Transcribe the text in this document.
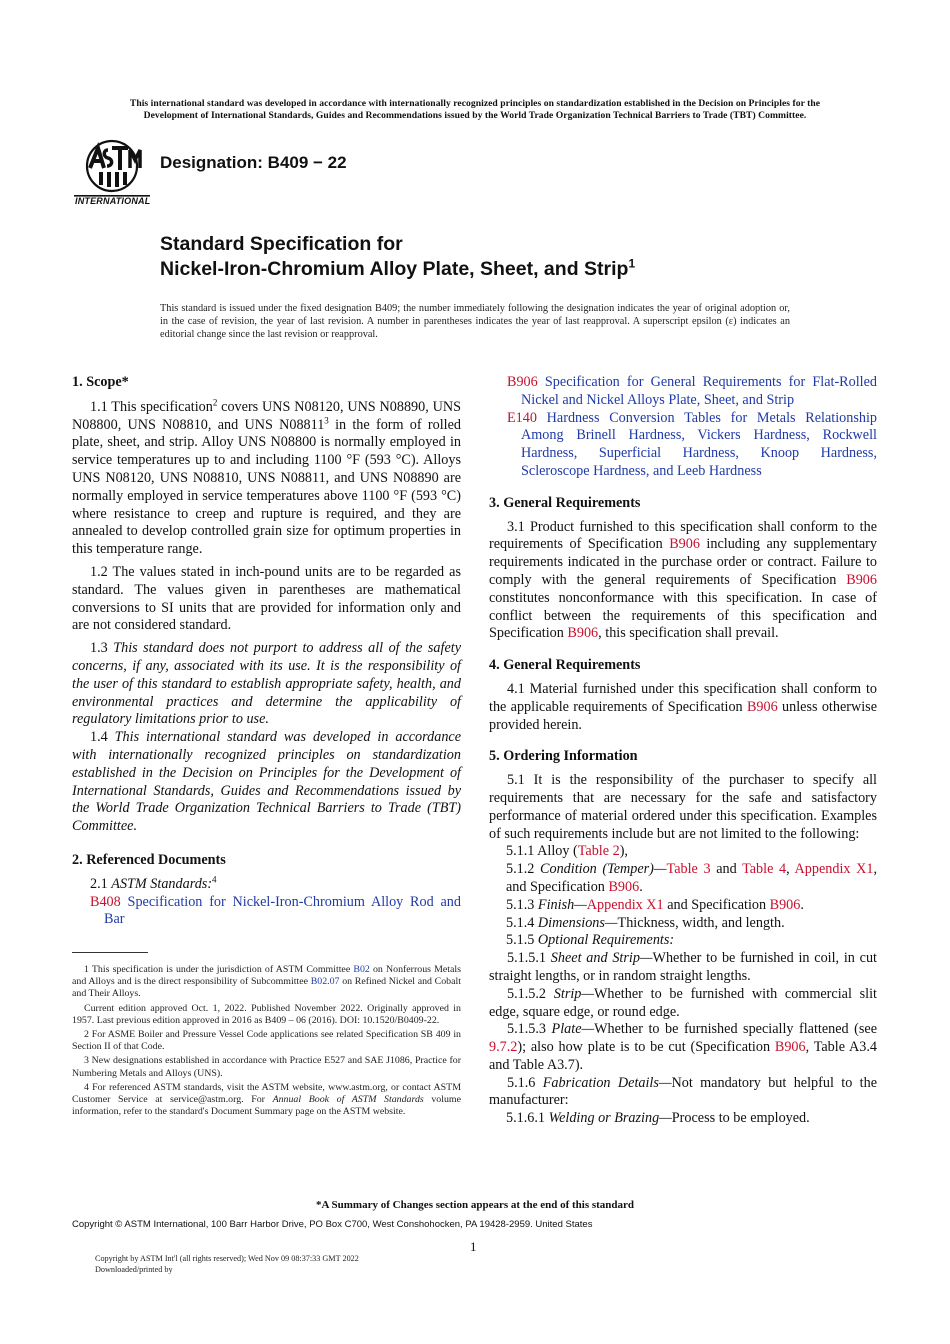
This international standard was developed in accordance with internationally recognized principles on standardization established in the Decision on Principles for the
Development of International Standards, Guides and Recommendations issued by the World Trade Organization Technical Barriers to Trade (TBT) Committee.
INTERNATIONAL
Designation: B409 − 22
Standard Specification for
Nickel-Iron-Chromium Alloy Plate, Sheet, and Strip$^1$
This standard is issued under the fixed designation B409; the number immediately following the designation indicates the year of original adoption or, in the case of revision, the year of last revision. A number in parentheses indicates the year of last reapproval. A superscript epsilon (ε) indicates an editorial change since the last revision or reapproval.

1. Scope*

1.1 This specification$^2$ covers UNS N08120, UNS N08890, UNS N08800, UNS N08810, and UNS N08811$^3$ in the form of rolled plate, sheet, and strip. Alloy UNS N08800 is normally employed in service temperatures up to and including 1100 °F (593 °C). Alloys UNS N08120, UNS N08810, UNS N08811, and UNS N08890 are normally employed in service temperatures above 1100 °F (593 °C) where resistance to creep and rupture is required, and they are annealed to develop controlled grain size for optimum properties in this temperature range.

1.2 The values stated in inch-pound units are to be regarded as standard. The values given in parentheses are mathematical conversions to SI units that are provided for information only and are not considered standard.

1.3 This standard does not purport to address all of the safety concerns, if any, associated with its use. It is the responsibility of the user of this standard to establish appropriate safety, health, and environmental practices and determine the applicability of regulatory limitations prior to use.

1.4 This international standard was developed in accordance with internationally recognized principles on standardization established in the Decision on Principles for the Development of International Standards, Guides and Recommendations issued by the World Trade Organization Technical Barriers to Trade (TBT) Committee.

2. Referenced Documents

2.1 ASTM Standards:$^4$

B408 Specification for Nickel-Iron-Chromium Alloy Rod and Bar

1 This specification is under the jurisdiction of ASTM Committee B02 on Nonferrous Metals and Alloys and is the direct responsibility of Subcommittee B02.07 on Refined Nickel and Cobalt and Their Alloys.

Current edition approved Oct. 1, 2022. Published November 2022. Originally approved in 1957. Last previous edition approved in 2016 as B409 – 06 (2016). DOI: 10.1520/B0409-22.

2 For ASME Boiler and Pressure Vessel Code applications see related Specification SB 409 in Section II of that Code.

3 New designations established in accordance with Practice E527 and SAE J1086, Practice for Numbering Metals and Alloys (UNS).

4 For referenced ASTM standards, visit the ASTM website, www.astm.org, or contact ASTM Customer Service at service@astm.org. For Annual Book of ASTM Standards volume information, refer to the standard's Document Summary page on the ASTM website.

B906 Specification for General Requirements for Flat-Rolled Nickel and Nickel Alloys Plate, Sheet, and Strip

E140 Hardness Conversion Tables for Metals Relationship Among Brinell Hardness, Vickers Hardness, Rockwell Hardness, Superficial Hardness, Knoop Hardness, Scleroscope Hardness, and Leeb Hardness

3. General Requirements

3.1 Product furnished to this specification shall conform to the requirements of Specification B906 including any supplementary requirements indicated in the purchase order or contract. Failure to comply with the general requirements of Specification B906 constitutes nonconformance with this specification. In case of conflict between the requirements of this specification and Specification B906, this specification shall prevail.

4. General Requirements

4.1 Material furnished under this specification shall conform to the applicable requirements of Specification B906 unless otherwise provided herein.

5. Ordering Information

5.1 It is the responsibility of the purchaser to specify all requirements that are necessary for the safe and satisfactory performance of material ordered under this specification. Examples of such requirements include but are not limited to the following:

5.1.1 Alloy (Table 2),

5.1.2 Condition (Temper)—Table 3 and Table 4, Appendix X1, and Specification B906.

5.1.3 Finish—Appendix X1 and Specification B906.

5.1.4 Dimensions—Thickness, width, and length.

5.1.5 Optional Requirements:

5.1.5.1 Sheet and Strip—Whether to be furnished in coil, in cut straight lengths, or in random straight lengths.

5.1.5.2 Strip—Whether to be furnished with commercial slit edge, square edge, or round edge.

5.1.5.3 Plate—Whether to be furnished specially flattened (see 9.7.2); also how plate is to be cut (Specification B906, Table A3.4 and Table A3.7).

5.1.6 Fabrication Details—Not mandatory but helpful to the manufacturer:

5.1.6.1 Welding or Brazing—Process to be employed.

*A Summary of Changes section appears at the end of this standard
Copyright © ASTM International, 100 Barr Harbor Drive, PO Box C700, West Conshohocken, PA 19428-2959. United States
1
Copyright by ASTM Int'l (all rights reserved); Wed Nov 09 08:37:33 GMT 2022
Downloaded/printed by
